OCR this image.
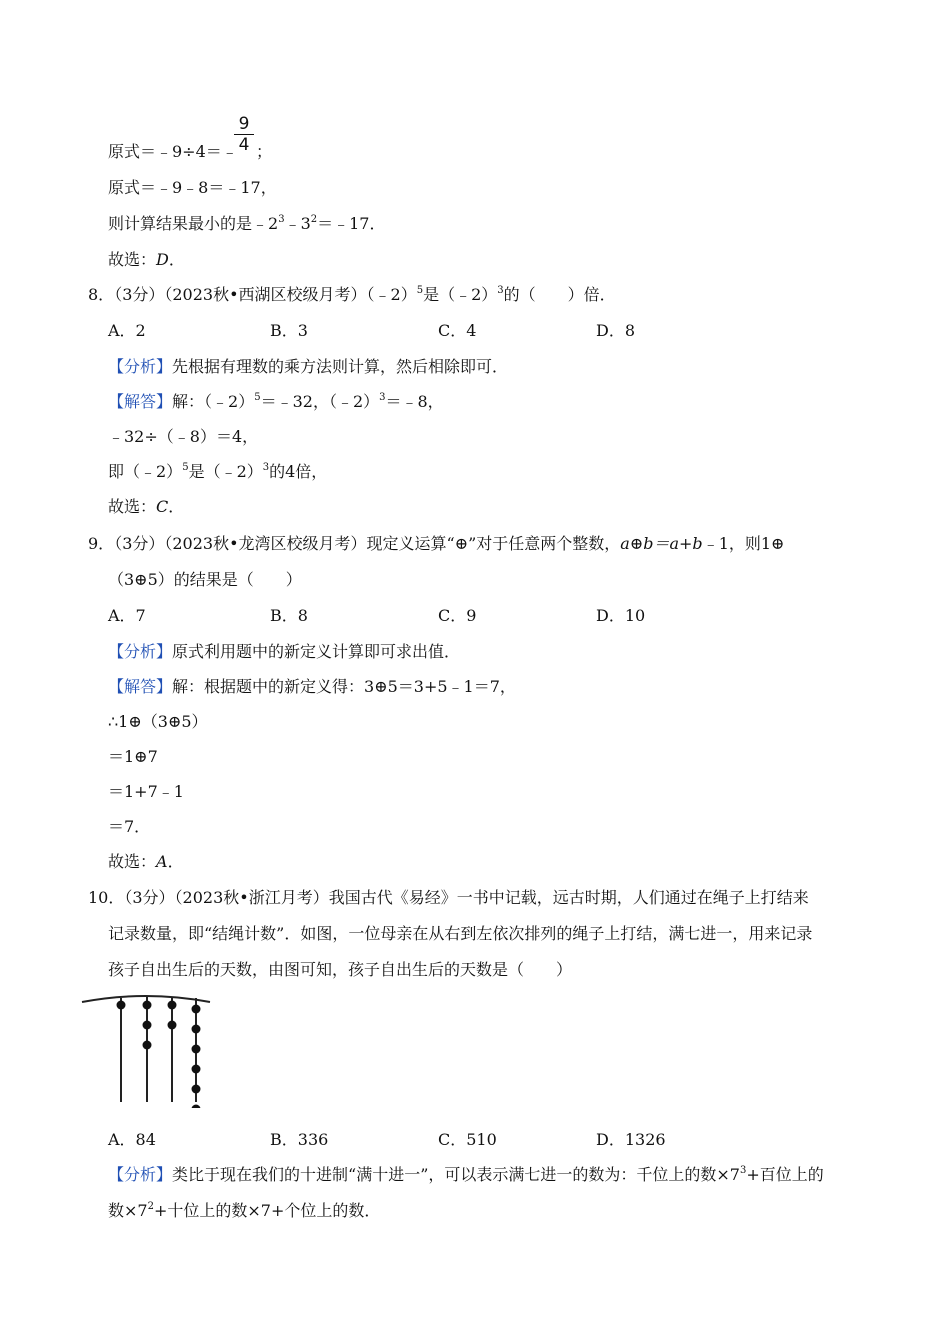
原式＝﹣9÷4＝﹣
9
4 ；
原式＝﹣9﹣8＝﹣17，
则计算结果最小的是$﹣2^3﹣3^2=﹣17$．
故选：D．
8．（3分）（2023秋•西湖区校级月考）（﹣2）$^5$是（﹣2）$^3$的（　　）倍．
A．2	B．3	C．4	D．8
【分析】先根据有理数的乘方法则计算，然后相除即可．
【解答】解：（﹣2）$^5$＝﹣32，（﹣2）$^3$＝﹣8，
﹣32÷（﹣8）＝4，
即（﹣2）$^5$是（﹣2）$^3$的4倍，
故选：C．
9．（3分）（2023秋•龙湾区校级月考）现定义运算“⊕”对于任意两个整数，a⊕b＝a+b﹣1，则1⊕
（3⊕5）的结果是（　　）
A．7	B．8	C．9	D．10
【分析】原式利用题中的新定义计算即可求出值．
【解答】解：根据题中的新定义得：3⊕5＝3+5﹣1＝7，
∴1⊕（3⊕5）
＝1⊕7
＝1+7﹣1
＝7．
故选：A．
10．（3分）（2023秋•浙江月考）我国古代《易经》一书中记载，远古时期，人们通过在绳子上打结来
记录数量，即“结绳计数”．如图，一位母亲在从右到左依次排列的绳子上打结，满七进一，用来记录
孩子自出生后的天数，由图可知，孩子自出生后的天数是（　　）
A．84	B．336	C．510	D．1326
【分析】类比于现在我们的十进制“满十进一”，可以表示满七进一的数为：千位上的数$\times 7^3+$百位上的
数$\times 7^2+$十位上的数×7+个位上的数．
